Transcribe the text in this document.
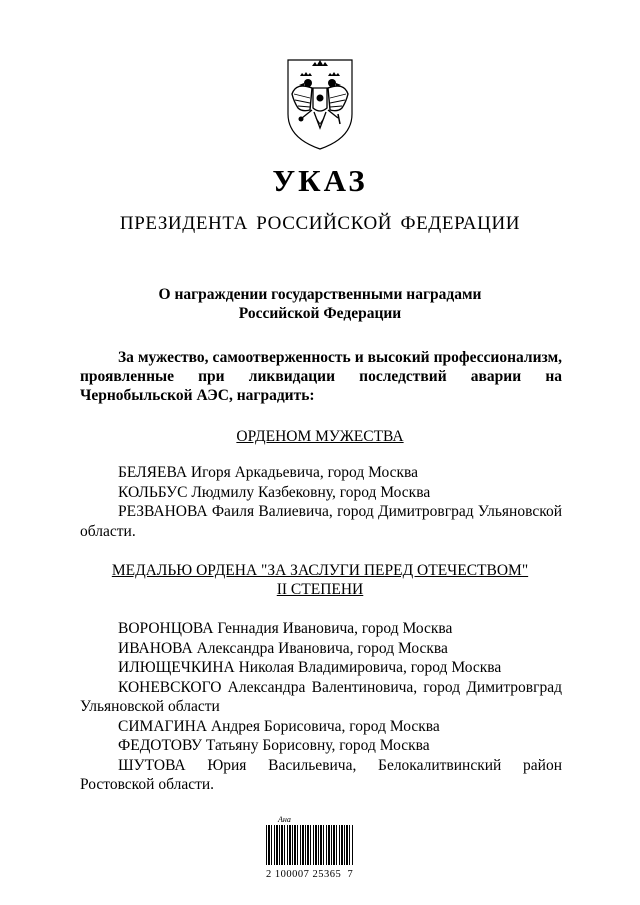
УКАЗ
ПРЕЗИДЕНТА РОССИЙСКОЙ ФЕДЕРАЦИИ
О награждении государственными наградами
Российской Федерации
За мужество, самоотверженность и высокий профессионализм, проявленные при ликвидации последствий аварии на Чернобыльской АЭС, наградить:
ОРДЕНОМ МУЖЕСТВА
БЕЛЯЕВА Игоря Аркадьевича, город Москва
КОЛЬБУС Людмилу Казбековну, город Москва
РЕЗВАНОВА Фаиля Валиевича, город Димитровград Ульяновской области.
МЕДАЛЬЮ ОРДЕНА "ЗА ЗАСЛУГИ ПЕРЕД ОТЕЧЕСТВОМ"
II СТЕПЕНИ
ВОРОНЦОВА Геннадия Ивановича, город Москва
ИВАНОВА Александра Ивановича, город Москва
ИЛЮЩЕЧКИНА Николая Владимировича, город Москва
КОНЕВСКОГО Александра Валентиновича, город Димитровград Ульяновской области
СИМАГИНА Андрея Борисовича, город Москва
ФЕДОТОВУ Татьяну Борисовну, город Москва
ШУТОВА Юрия Васильевича, Белокалитвинский район Ростовской области.
Ана
2 100007 25365  7
